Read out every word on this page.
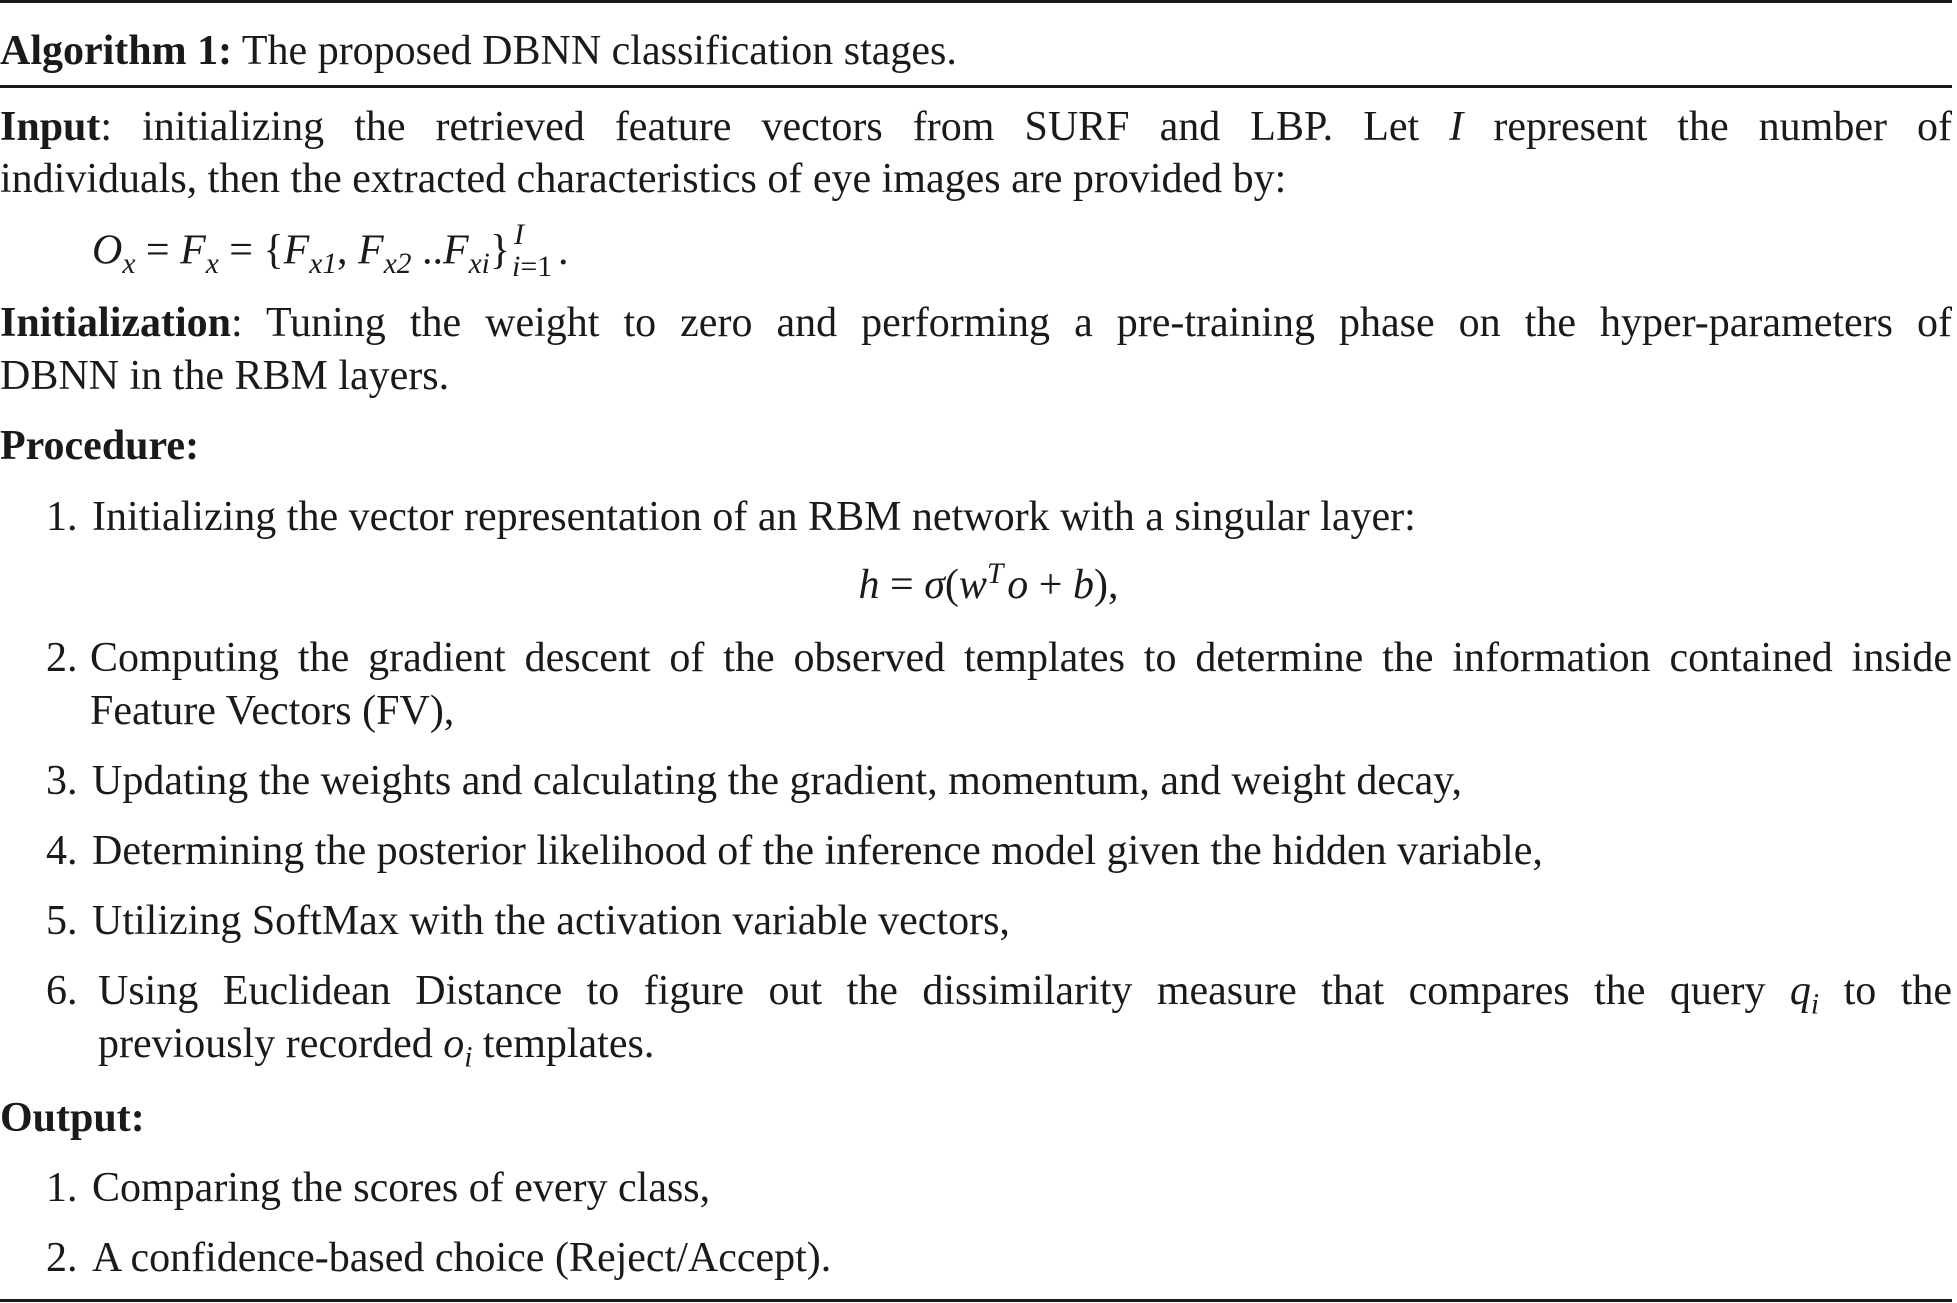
Algorithm 1: The proposed DBNN classification stages.
Input: initializing the retrieved feature vectors from SURF and LBP. Let I represent the number of
individuals, then the extracted characteristics of eye images are provided by:
$O_x = F_x = \{F_{x1}$, $F_{x2}$ $..F_{xi}$} I
i=1 .
Initialization: Tuning the weight to zero and performing a pre-training phase on the hyper-parameters of
DBNN in the RBM layers.
Procedure:
1. Initializing the vector representation of an RBM network with a singular layer:
$h = \sigma(w^To + b)$,
2. Computing the gradient descent of the observed templates to determine the information contained inside
Feature Vectors (FV),
3. Updating the weights and calculating the gradient, momentum, and weight decay,
4. Determining the posterior likelihood of the inference model given the hidden variable,
5. Utilizing SoftMax with the activation variable vectors,
6. Using Euclidean Distance to figure out the dissimilarity measure that compares the query $q_i$ to the
previously recorded $o_i$ templates.
Output:
1. Comparing the scores of every class,
2. A confidence-based choice (Reject/Accept).
